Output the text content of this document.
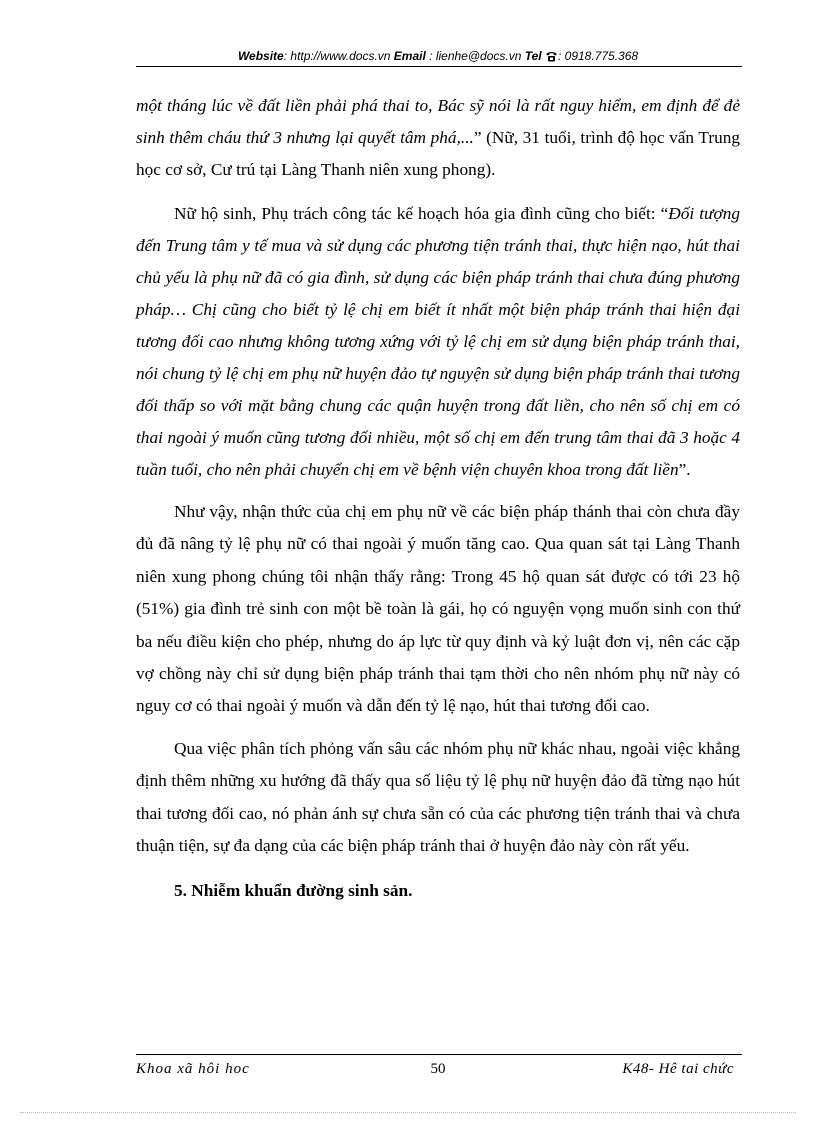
Website: http://www.docs.vn Email : lienhe@docs.vn Tel : 0918.775.368

một tháng lúc về đất liền phải phá thai to, Bác sỹ nói là rất nguy hiểm, em định để đẻ sinh thêm cháu thứ 3 nhưng lại quyết tâm phá,...” (Nữ, 31 tuổi, trình độ học vấn Trung học cơ sở, Cư trú tại Làng Thanh niên xung phong).

Nữ hộ sinh, Phụ trách công tác kế hoạch hóa gia đình cũng cho biết: “Đối tượng đến Trung tâm y tế mua và sử dụng các phương tiện tránh thai, thực hiện nạo, hút thai chủ yếu là phụ nữ đã có gia đình, sử dụng các biện pháp tránh thai chưa đúng phương pháp… Chị cũng cho biết tỷ lệ chị em biết ít nhất một biện pháp tránh thai hiện đại tương đối cao nhưng không tương xứng với tỷ lệ chị em sử dụng biện pháp tránh thai, nói chung tỷ lệ chị em phụ nữ huyện đảo tự nguyện sử dụng biện pháp tránh thai tương đối thấp so với mặt bằng chung các quận huyện trong đất liền, cho nên số chị em có thai ngoài ý muốn cũng tương đối nhiều, một số chị em đến trung tâm thai đã 3 hoặc 4 tuần tuổi, cho nên phải chuyển chị em về bệnh viện chuyên khoa trong đất liền”.

Như vậy, nhận thức của chị em phụ nữ về các biện pháp thánh thai còn chưa đầy đủ đã nâng tỷ lệ phụ nữ có thai ngoài ý muốn tăng cao. Qua quan sát tại Làng Thanh niên xung phong chúng tôi nhận thấy rằng: Trong 45 hộ quan sát được có tới 23 hộ (51%) gia đình trẻ sinh con một bề toàn là gái, họ có nguyện vọng muốn sinh con thứ ba nếu điều kiện cho phép, nhưng do áp lực từ quy định và kỷ luật đơn vị, nên các cặp vợ chồng này chỉ sử dụng biện pháp tránh thai tạm thời cho nên nhóm phụ nữ này có nguy cơ có thai ngoài ý muốn và dẫn đến tỷ lệ nạo, hút thai tương đối cao.

Qua việc phân tích phỏng vấn sâu các nhóm phụ nữ khác nhau, ngoài việc khẳng định thêm những xu hướng đã thấy qua số liệu tỷ lệ phụ nữ huyện đảo đã từng nạo hút thai tương đối cao, nó phản ánh sự chưa sẵn có của các phương tiện tránh thai và chưa thuận tiện, sự đa dạng của các biện pháp tránh thai ở huyện đảo này còn rất yếu.

5. Nhiễm khuẩn đường sinh sản.

Khoa xã hôi hoc	50	K48- Hê tai chức
